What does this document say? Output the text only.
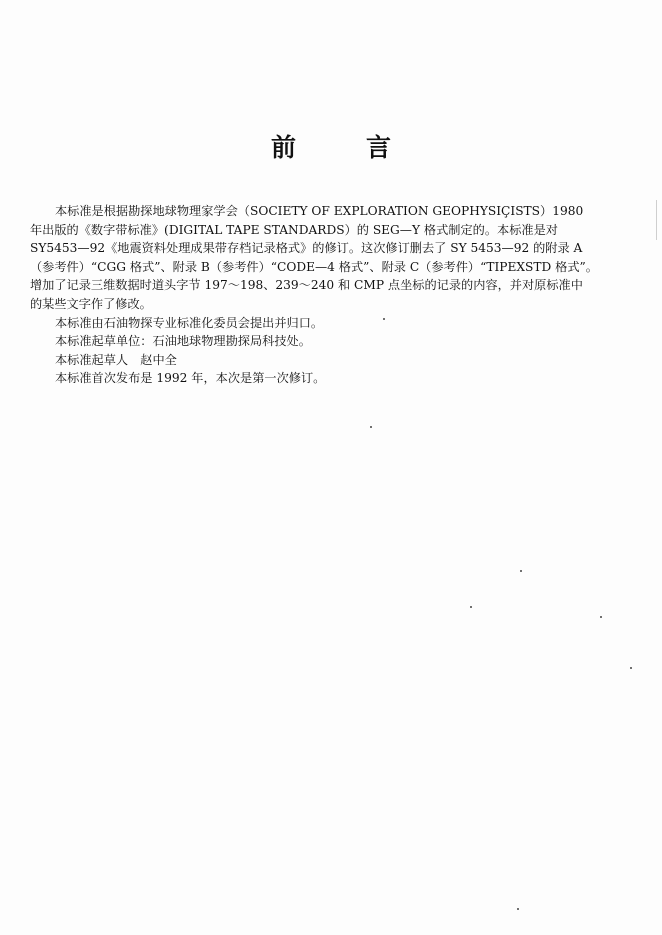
前	言
本标准是根据勘探地球物理家学会（SOCIETY OF EXPLORATION GEOPHYSIÇISTS）1980
年出版的《数字带标准》(DIGITAL TAPE STANDARDS）的 SEG—Y 格式制定的。本标准是对
SY5453—92《地震资料处理成果带存档记录格式》的修订。这次修订删去了 SY 5453—92 的附录 A
（参考件）“CGG 格式”、附录 B（参考件）“CODE—4 格式”、附录 C（参考件）“TIPEXSTD 格式”。
增加了记录三维数据时道头字节 197～198、239～240 和 CMP 点坐标的记录的内容，并对原标准中
的某些文字作了修改。

本标准由石油物探专业标准化委员会提出并归口。

本标准起草单位：石油地球物理勘探局科技处。

本标准起草人　赵中全

本标准首次发布是 1992 年，本次是第一次修订。
